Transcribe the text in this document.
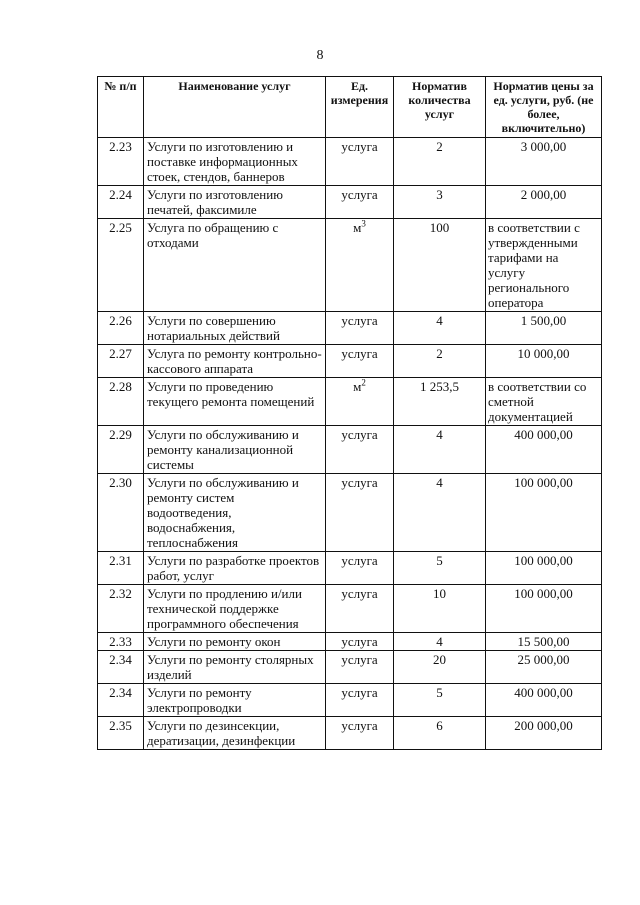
8
№ п/п	Наименование услуг	Ед. измерения	Норматив количества услуг	Норматив цены за ед. услуги, руб. (не более, включительно)
2.23	Услуги по изготовлению и поставке информационных стоек, стендов, баннеров	услуга	2	3 000,00
2.24	Услуги по изготовлению печатей, факсимиле	услуга	3	2 000,00
2.25	Услуга по обращению с отходами	$м^3$	100	в соответствии с утвержденными тарифами на услугу регионального оператора
2.26	Услуги по совершению нотариальных действий	услуга	4	1 500,00
2.27	Услуга по ремонту контрольно-кассового аппарата	услуга	2	10 000,00
2.28	Услуги по проведению текущего ремонта помещений	$м^2$	1 253,5	в соответствии со сметной документацией
2.29	Услуги по обслуживанию и ремонту канализационной системы	услуга	4	400 000,00
2.30	Услуги по обслуживанию и ремонту систем водоотведения, водоснабжения, теплоснабжения	услуга	4	100 000,00
2.31	Услуги по разработке проектов работ, услуг	услуга	5	100 000,00
2.32	Услуги по продлению и/или технической поддержке программного обеспечения	услуга	10	100 000,00
2.33	Услуги по ремонту окон	услуга	4	15 500,00
2.34	Услуги по ремонту столярных изделий	услуга	20	25 000,00
2.34	Услуги по ремонту электропроводки	услуга	5	400 000,00
2.35	Услуги по дезинсекции, дератизации, дезинфекции	услуга	6	200 000,00
